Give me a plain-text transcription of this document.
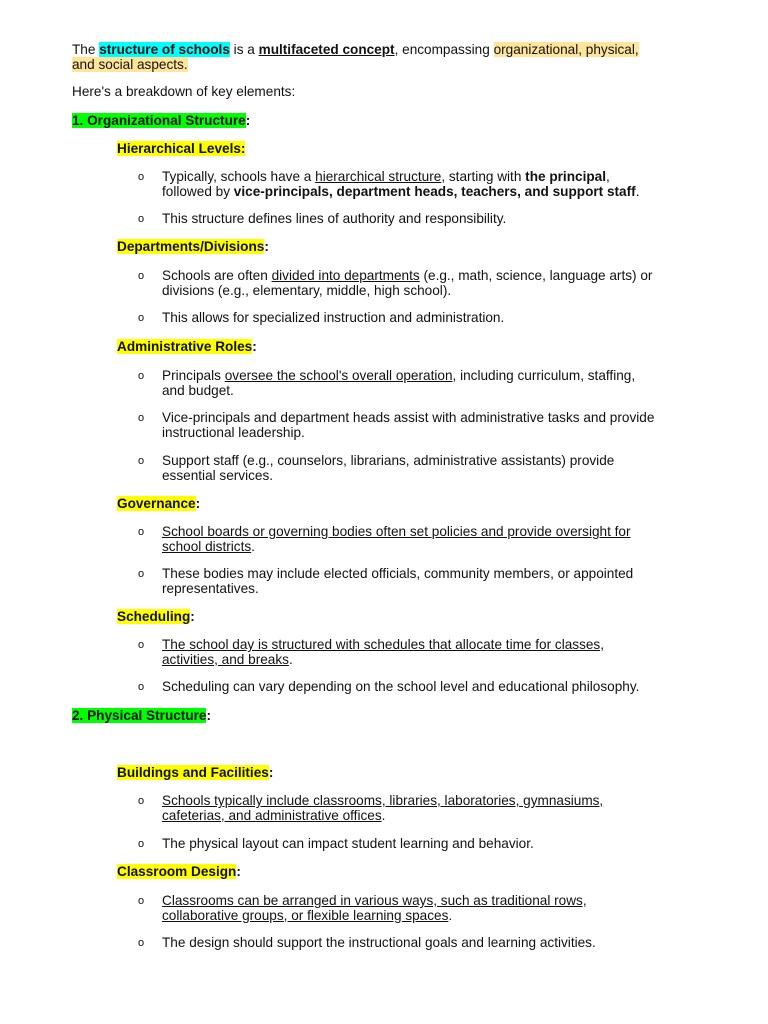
The structure of schools is a multifaceted concept, encompassing organizational, physical,
and social aspects.

Here's a breakdown of key elements:

1. Organizational Structure:

Hierarchical Levels:

o Typically, schools have a hierarchical structure, starting with the principal,
followed by vice-principals, department heads, teachers, and support staff.

o This structure defines lines of authority and responsibility.

Departments/Divisions:

o Schools are often divided into departments (e.g., math, science, language arts) or
divisions (e.g., elementary, middle, high school).

o This allows for specialized instruction and administration.

Administrative Roles:

o Principals oversee the school's overall operation, including curriculum, staffing,
and budget.

o Vice-principals and department heads assist with administrative tasks and provide
instructional leadership.

o Support staff (e.g., counselors, librarians, administrative assistants) provide
essential services.

Governance:

o School boards or governing bodies often set policies and provide oversight for
school districts.

o These bodies may include elected officials, community members, or appointed
representatives.

Scheduling:

o The school day is structured with schedules that allocate time for classes,
activities, and breaks.

o Scheduling can vary depending on the school level and educational philosophy.

2. Physical Structure:

Buildings and Facilities:

o Schools typically include classrooms, libraries, laboratories, gymnasiums,
cafeterias, and administrative offices.

o The physical layout can impact student learning and behavior.

Classroom Design:

o Classrooms can be arranged in various ways, such as traditional rows,
collaborative groups, or flexible learning spaces.

o The design should support the instructional goals and learning activities.
